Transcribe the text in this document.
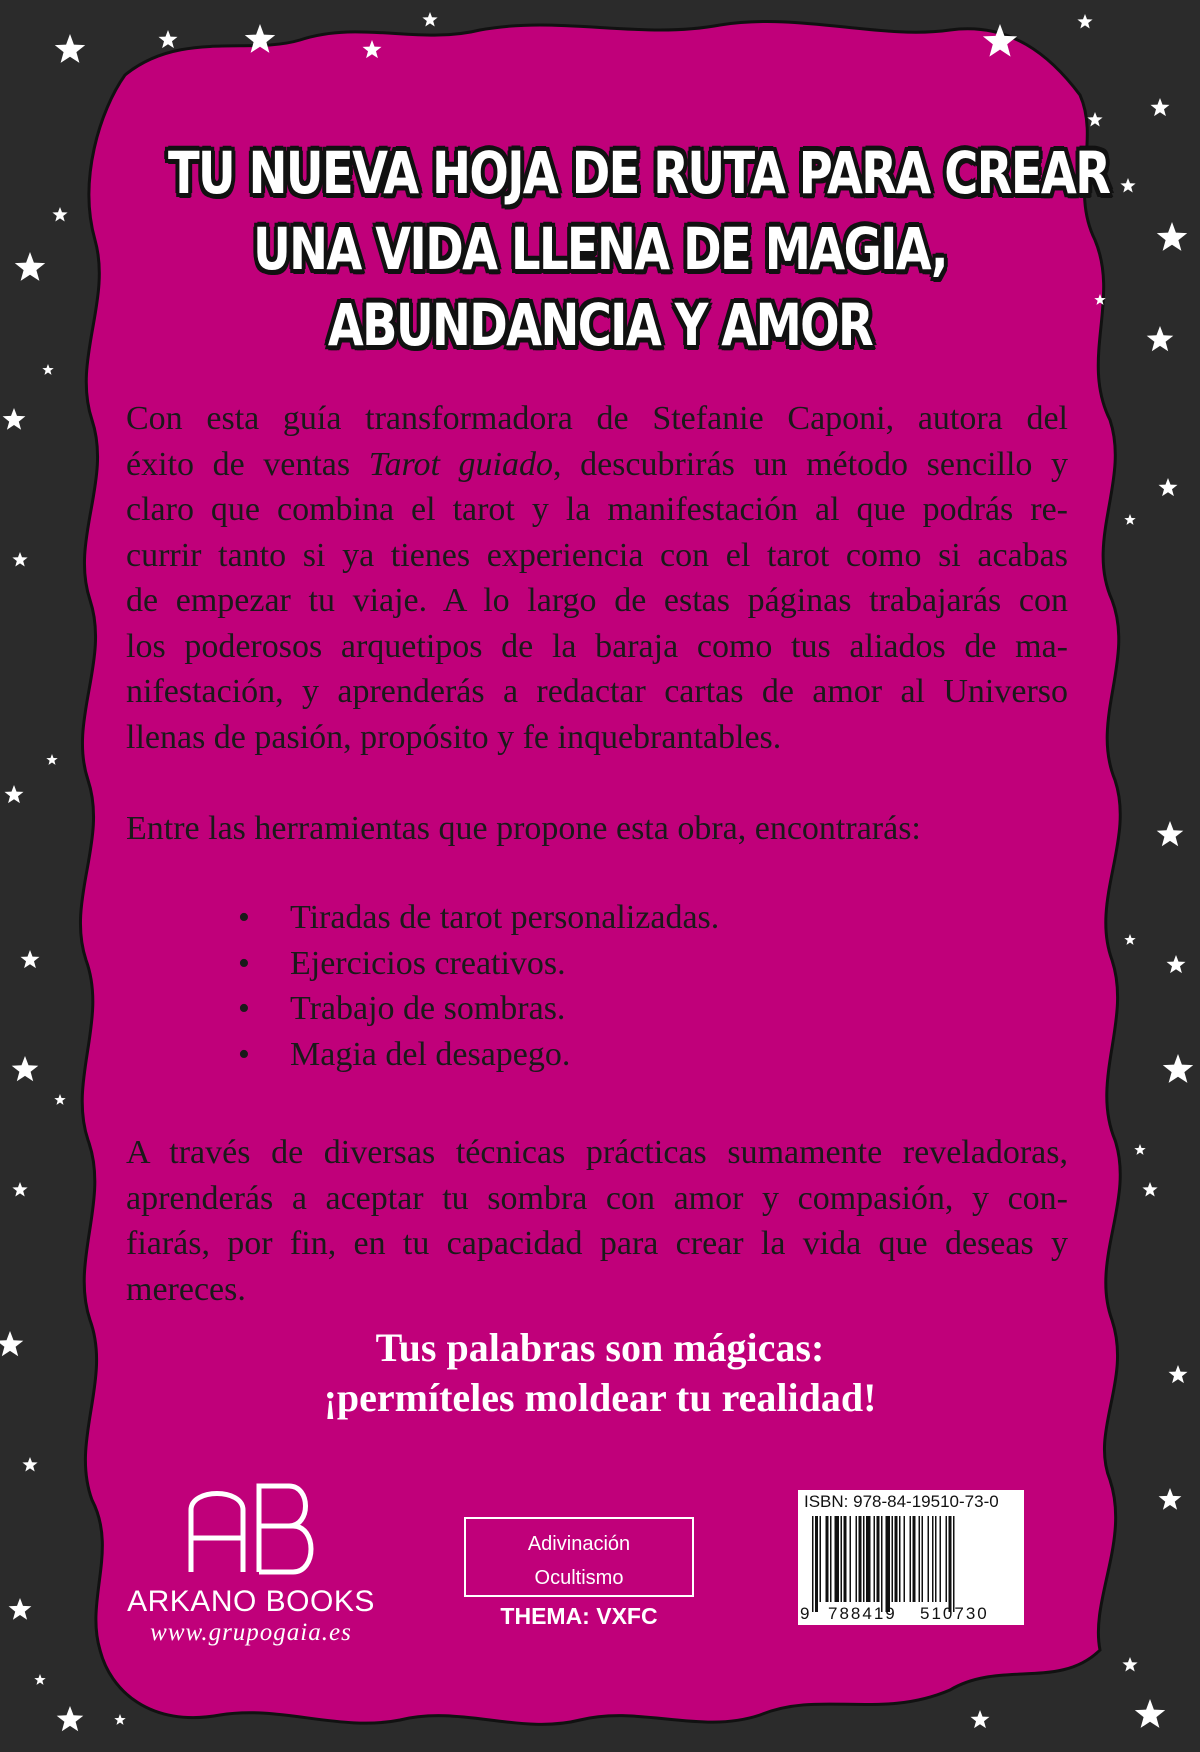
TU NUEVA HOJA DE RUTA PARA CREAR
UNA VIDA LLENA DE MAGIA,
ABUNDANCIA Y AMOR
Con esta guía transformadora de Stefanie Caponi, autora del
éxito de ventas Tarot guiado, descubrirás un método sencillo y
claro que combina el tarot y la manifestación al que podrás re-
currir tanto si ya tienes experiencia con el tarot como si acabas
de empezar tu viaje. A lo largo de estas páginas trabajarás con
los poderosos arquetipos de la baraja como tus aliados de ma-
nifestación, y aprenderás a redactar cartas de amor al Universo
llenas de pasión, propósito y fe inquebrantables.
Entre las herramientas que propone esta obra, encontrarás:
• Tiradas de tarot personalizadas.
• Ejercicios creativos.
• Trabajo de sombras.
• Magia del desapego.
A través de diversas técnicas prácticas sumamente reveladoras,
aprenderás a aceptar tu sombra con amor y compasión, y con-
fiarás, por fin, en tu capacidad para crear la vida que deseas y
mereces.
Tus palabras son mágicas:
¡permíteles moldear tu realidad!
ARKANO BOOKS
www.grupogaia.es
Adivinación
Ocultismo
THEMA: VXFC
ISBN: 978-84-19510-73-0
9 788419 510730
